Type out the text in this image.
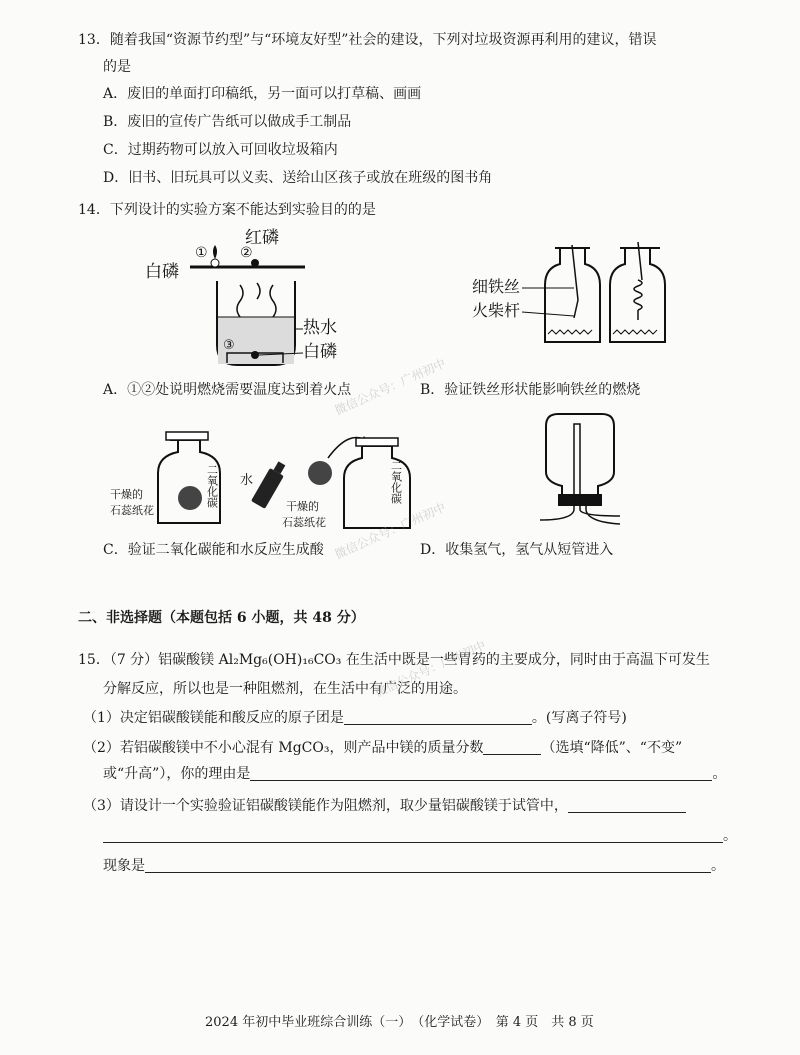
13．随着我国“资源节约型”与“环境友好型”社会的建设，下列对垃圾资源再利用的建议，错误
的是
A．废旧的单面打印稿纸，另一面可以打草稿、画画
B．废旧的宣传广告纸可以做成手工制品
C．过期药物可以放入可回收垃圾箱内
D．旧书、旧玩具可以义卖、送给山区孩子或放在班级的图书角
14．下列设计的实验方案不能达到实验目的的是
① ②
③
红磷
白磷
热水
白磷
细铁丝
火柴杆
A．①②处说明燃烧需要温度达到着火点	B．验证铁丝形状能影响铁丝的燃烧
二氧化碳
干燥的
石蕊纸花
水
干燥的
石蕊纸花
二氧化碳
C．验证二氧化碳能和水反应生成酸	D．收集氢气，氢气从短管进入
二、非选择题（本题包括 6 小题，共 48 分）
15．（7 分）铝碳酸镁 Al₂Mg₆(OH)₁₆CO₃ 在生活中既是一些胃药的主要成分，同时由于高温下可发生
分解反应，所以也是一种阻燃剂，在生活中有广泛的用途。
（1）决定铝碳酸镁能和酸反应的原子团是	。(写离子符号)
（2）若铝碳酸镁中不小心混有 MgCO₃，则产品中镁的质量分数	（选填“降低”、“不变”
或“升高”），你的理由是	。
（3）请设计一个实验验证铝碳酸镁能作为阻燃剂，取少量铝碳酸镁于试管中，
。
现象是	。
微信公众号：广州初中
微信公众号：广州初中
微信公众号：广州初中
2024 年初中毕业班综合训练（一）　（化学试卷）　第 4 页　共 8 页
